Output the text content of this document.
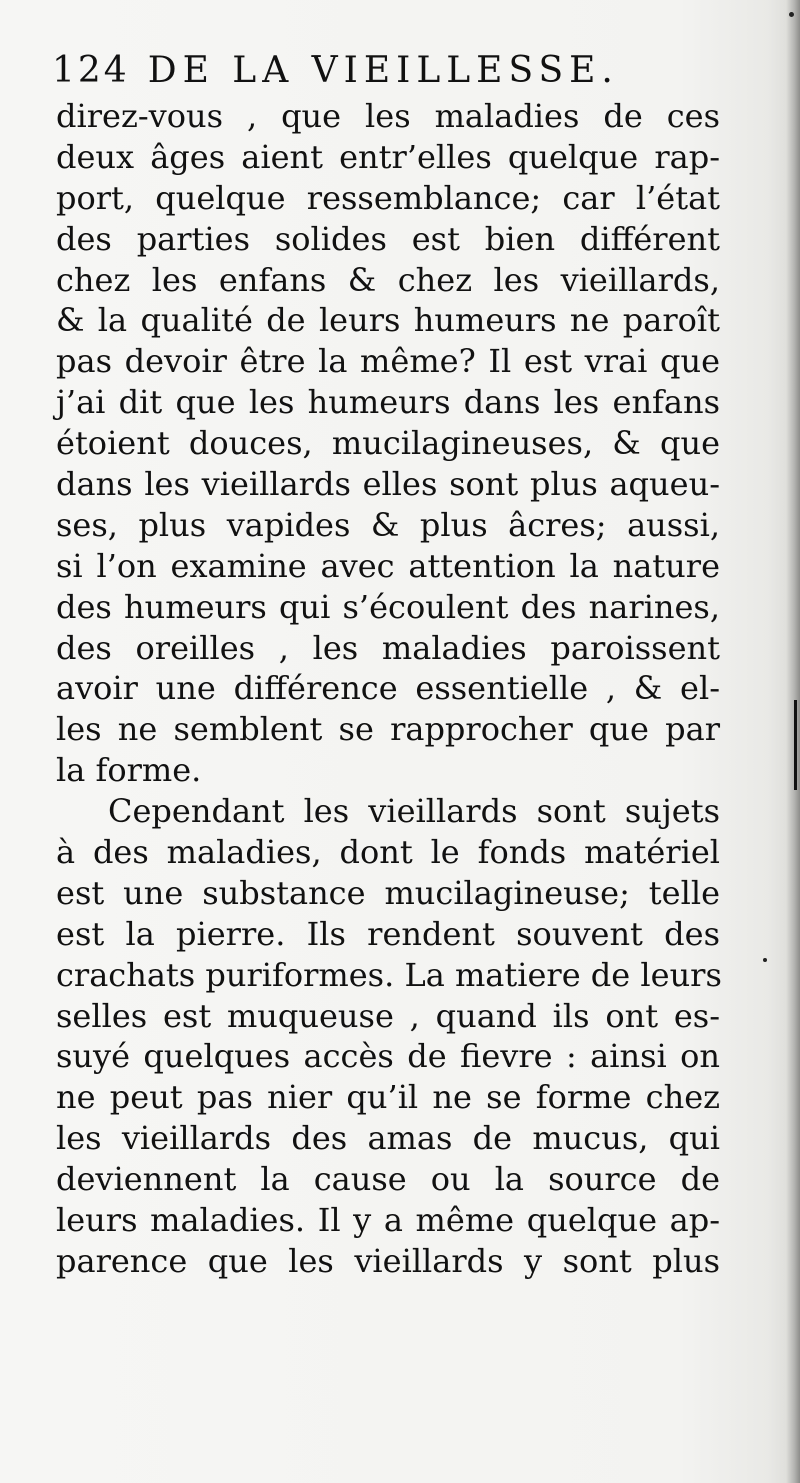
124 DE LA VIEILLESSE.
direz-vous , que les maladies de ces
deux âges aient entr’elles quelque rap-
port, quelque ressemblance; car l’état
des parties solides est bien différent
chez les enfans & chez les vieillards,
& la qualité de leurs humeurs ne paroît
pas devoir être la même? Il est vrai que
j’ai dit que les humeurs dans les enfans
étoient douces, mucilagineuses, & que
dans les vieillards elles sont plus aqueu-
ses, plus vapides & plus âcres; aussi,
si l’on examine avec attention la nature
des humeurs qui s’écoulent des narines,
des oreilles , les maladies paroissent
avoir une différence essentielle , & el-
les ne semblent se rapprocher que par
la forme.
Cependant les vieillards sont sujets
à des maladies, dont le fonds matériel
est une substance mucilagineuse; telle
est la pierre. Ils rendent souvent des
crachats puriformes. La matiere de leurs
selles est muqueuse , quand ils ont es-
suyé quelques accès de fievre : ainsi on
ne peut pas nier qu’il ne se forme chez
les vieillards des amas de mucus, qui
deviennent la cause ou la source de
leurs maladies. Il y a même quelque ap-
parence que les vieillards y sont plus
